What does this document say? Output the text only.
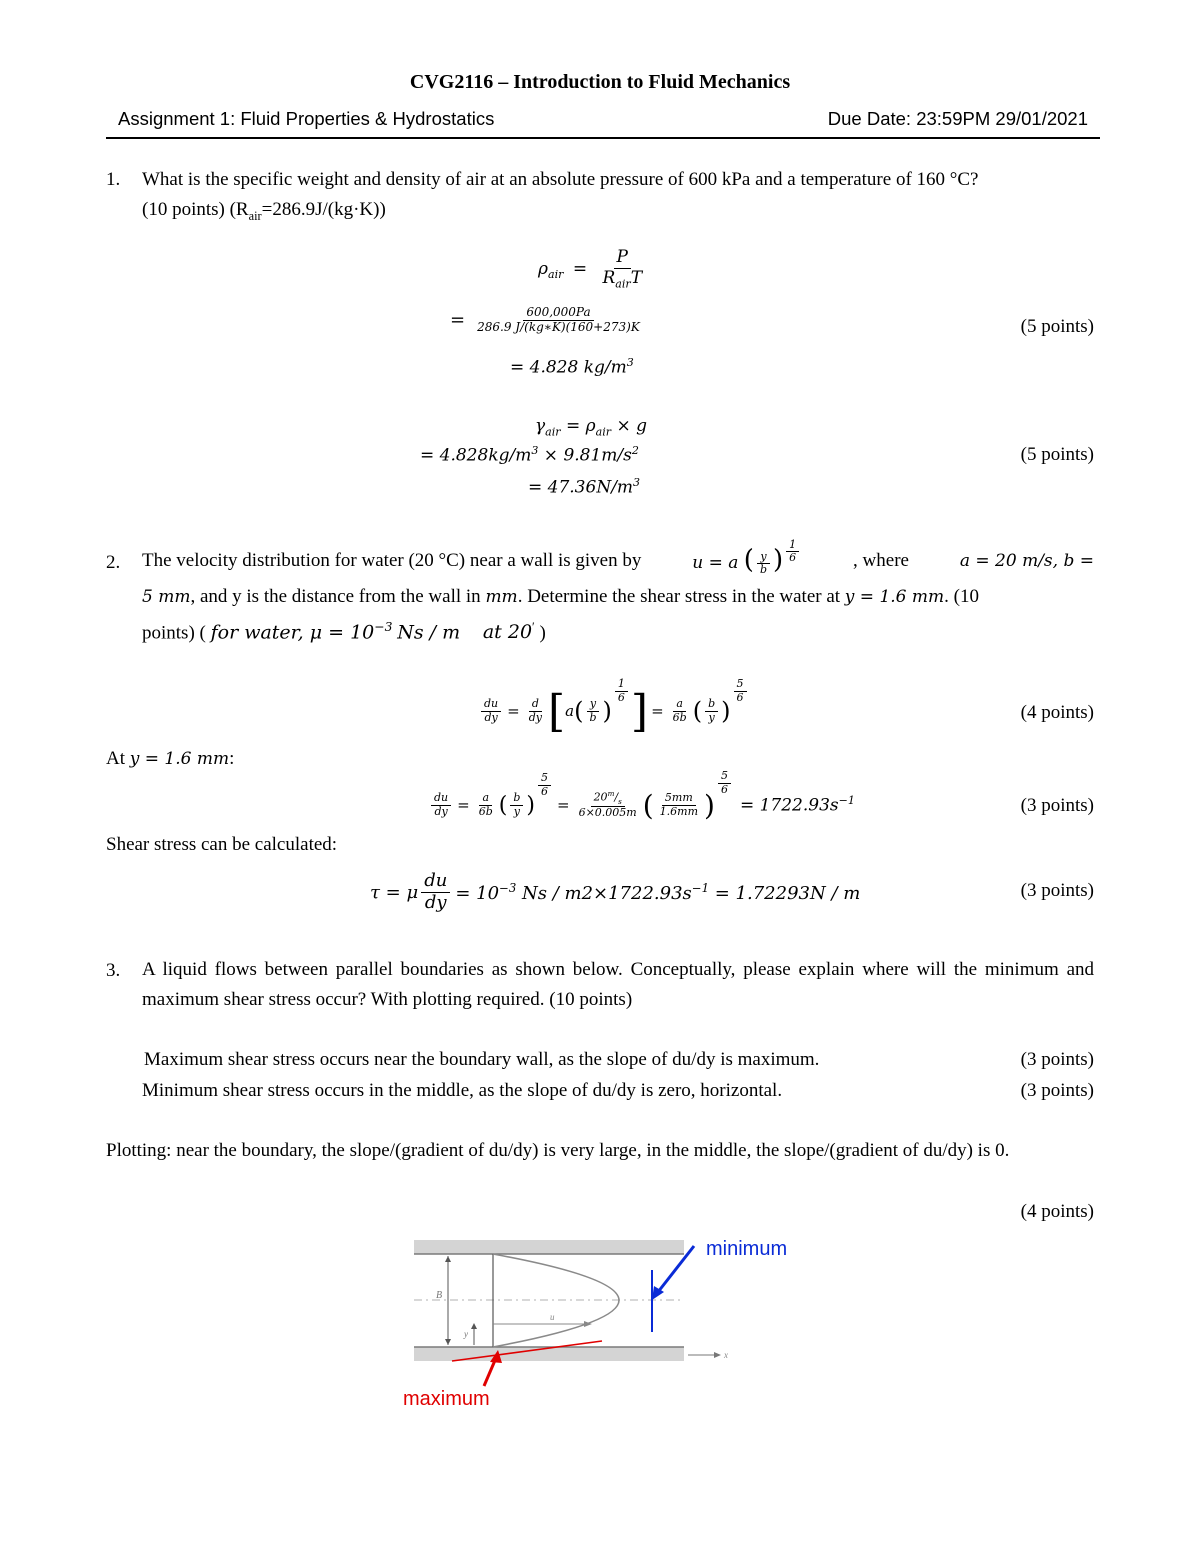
CVG2116 – Introduction to Fluid Mechanics
Assignment 1: Fluid Properties & Hydrostatics	Due Date: 23:59PM 29/01/2021
1. What is the specific weight and density of air at an absolute pressure of 600 kPa and a temperature of 160 °C?
(10 points) $(R_{air}=286.9J/(kg\cdot K))$
$\rho_{air} = \frac{P}{R_{air}T}$
= $\frac{600,000Pa}{286.9 J/(kg∗K)(160+273)K}$	(5 points)
= 4.828 $kg/m^3$
$\gamma_{air} = \rho_{air} \times g$
= $4.828kg/m^3 \times 9.81m/s^2$	(5 points)
= $47.36N/m^3$
2. The velocity distribution for water (20 °C) near a wall is given by	u = a ( $\frac{y}{b}$ ) $^{\frac{1}{6}}$	, where	a = 20 m/s, b =
5 mm, and y is the distance from the wall in mm. Determine the shear stress in the water at y = 1.6 mm. (10
points) ( for water, $\mu = 10^{-3}$ Ns / m at 20′ )
$\frac{du}{dy} = \frac{d}{dy}$ [ a ( $\frac{y}{b}$ )
$\frac{1}{6}$ ] = $\frac{a}{6b}$ ( $\frac{b}{y}$ )
$\frac{5}{6}$
(4 points)
At y = 1.6 mm:
$\frac{du}{dy} = \frac{a}{6b}$ ( $\frac{b}{y}$ )
$\frac{5}{6}$
= $\frac{20^m/_s}{6\times 0.005m}$ ( $\frac{5mm}{1.6mm}$ )
$\frac{5}{6}$
= $1722.93s^{-1}$	(3 points)
Shear stress can be calculated:
τ = μ $\frac{du}{dy} = 10^{-3}$ $Ns / m2\times 1722.93s^{-1} = 1.72293N / m$	(3 points)
3. A liquid flows between parallel boundaries as shown below. Conceptually, please explain where will the minimum and maximum shear stress occur? With plotting required. (10 points)
Maximum shear stress occurs near the boundary wall, as the slope of du/dy is maximum.	(3 points)
Minimum shear stress occurs in the middle, as the slope of du/dy is zero, horizontal.	(3 points)
Plotting: near the boundary, the slope/(gradient of du/dy) is very large, in the middle, the slope/(gradient of du/dy) is 0.
(4 points)
B
y
u
x
minimum
maximum
